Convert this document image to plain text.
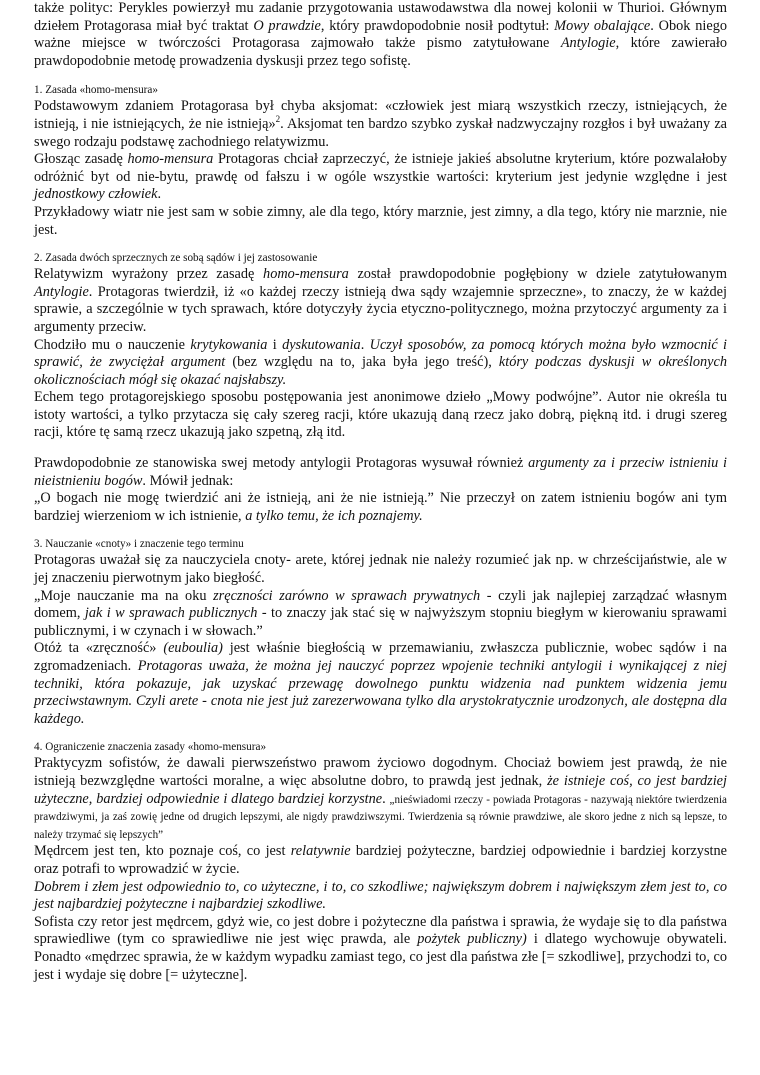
także polityc: Perykles powierzył mu zadanie przygotowania ustawodawstwa dla nowej kolonii w Thurioi. Głównym dziełem Protagorasa miał być traktat O prawdzie, który prawdopodobnie nosił podtytuł: Mowy obalające. Obok niego ważne miejsce w twórczości Protagorasa zajmowało także pismo zatytułowane Antylogie, które zawierało prawdopodobnie metodę prowadzenia dyskusji przez tego sofistę.

1. Zasada «homo-mensura»

Podstawowym zdaniem Protagorasa był chyba aksjomat: «człowiek jest miarą wszystkich rzeczy, istniejących, że istnieją, i nie istniejących, że nie istnieją»$^2$. Aksjomat ten bardzo szybko zyskał nadzwyczajny rozgłos i był uważany za swego rodzaju podstawę zachodniego relatywizmu.

Głosząc zasadę homo-mensura Protagoras chciał zaprzeczyć, że istnieje jakieś absolutne kryterium, które pozwalałoby odróżnić byt od nie-bytu, prawdę od fałszu i w ogóle wszystkie wartości: kryterium jest jedynie względne i jest jednostkowy człowiek.

Przykładowy wiatr nie jest sam w sobie zimny, ale dla tego, który marznie, jest zimny, a dla tego, który nie marznie, nie jest.

2. Zasada dwóch sprzecznych ze sobą sądów i jej zastosowanie

Relatywizm wyrażony przez zasadę homo-mensura został prawdopodobnie pogłębiony w dziele zatytułowanym Antylogie. Protagoras twierdził, iż «o każdej rzeczy istnieją dwa sądy wzajemnie sprzeczne», to znaczy, że w każdej sprawie, a szczególnie w tych sprawach, które dotyczyły życia etyczno-politycznego, można przytoczyć argumenty za i argumenty przeciw.

Chodziło mu o nauczenie krytykowania i dyskutowania. Uczył sposobów, za pomocą których można było wzmocnić i sprawić, że zwyciężał argument (bez względu na to, jaka była jego treść), który podczas dyskusji w określonych okolicznościach mógł się okazać najsłabszy.

Echem tego protagorejskiego sposobu postępowania jest anonimowe dzieło „Mowy podwójne”. Autor nie określa tu istoty wartości, a tylko przytacza się cały szereg racji, które ukazują daną rzecz jako dobrą, piękną itd. i drugi szereg racji, które tę samą rzecz ukazują jako szpetną, złą itd.

Prawdopodobnie ze stanowiska swej metody antylogii Protagoras wysuwał również argumenty za i przeciw istnieniu i nieistnieniu bogów. Mówił jednak:

„O bogach nie mogę twierdzić ani że istnieją, ani że nie istnieją.” Nie przeczył on zatem istnieniu bogów ani tym bardziej wierzeniom w ich istnienie, a tylko temu, że ich poznajemy.

3. Nauczanie «cnoty» i znaczenie tego terminu

Protagoras uważał się za nauczyciela cnoty- arete, której jednak nie należy rozumieć jak np. w chrześcijaństwie, ale w jej znaczeniu pierwotnym jako biegłość.

„Moje nauczanie ma na oku zręczności zarówno w sprawach prywatnych - czyli jak najlepiej zarządzać własnym domem, jak i w sprawach publicznych - to znaczy jak stać się w najwyższym stopniu biegłym w kierowaniu sprawami publicznymi, i w czynach i w słowach.”

Otóż ta «zręczność» (euboulia) jest właśnie biegłością w przemawianiu, zwłaszcza publicznie, wobec sądów i na zgromadzeniach. Protagoras uważa, że można jej nauczyć poprzez wpojenie techniki antylogii i wynikającej z niej techniki, która pokazuje, jak uzyskać przewagę dowolnego punktu widzenia nad punktem widzenia jemu przeciwstawnym. Czyli arete - cnota nie jest już zarezerwowana tylko dla arystokratycznie urodzonych, ale dostępna dla każdego.

4. Ograniczenie znaczenia zasady «homo-mensura»

Praktycyzm sofistów, że dawali pierwszeństwo prawom życiowo dogodnym. Chociaż bowiem jest prawdą, że nie istnieją bezwzględne wartości moralne, a więc absolutne dobro, to prawdą jest jednak, że istnieje coś, co jest bardziej użyteczne, bardziej odpowiednie i dlatego bardziej korzystne. „nieświadomi rzeczy - powiada Protagoras - nazywają niektóre twierdzenia prawdziwymi, ja zaś zowię jedne od drugich lepszymi, ale nigdy prawdziwszymi. Twierdzenia są równie prawdziwe, ale skoro jedne z nich są lepsze, to należy trzymać się lepszych”

Mędrcem jest ten, kto poznaje coś, co jest relatywnie bardziej pożyteczne, bardziej odpowiednie i bardziej korzystne oraz potrafi to wprowadzić w życie.

Dobrem i złem jest odpowiednio to, co użyteczne, i to, co szkodliwe; największym dobrem i największym złem jest to, co jest najbardziej pożyteczne i najbardziej szkodliwe.

Sofista czy retor jest mędrcem, gdyż wie, co jest dobre i pożyteczne dla państwa i sprawia, że wydaje się to dla państwa sprawiedliwe (tym co sprawiedliwe nie jest więc prawda, ale pożytek publiczny) i dlatego wychowuje obywateli. Ponadto «mędrzec sprawia, że w każdym wypadku zamiast tego, co jest dla państwa złe [= szkodliwe], przychodzi to, co jest i wydaje się dobre [= użyteczne].
